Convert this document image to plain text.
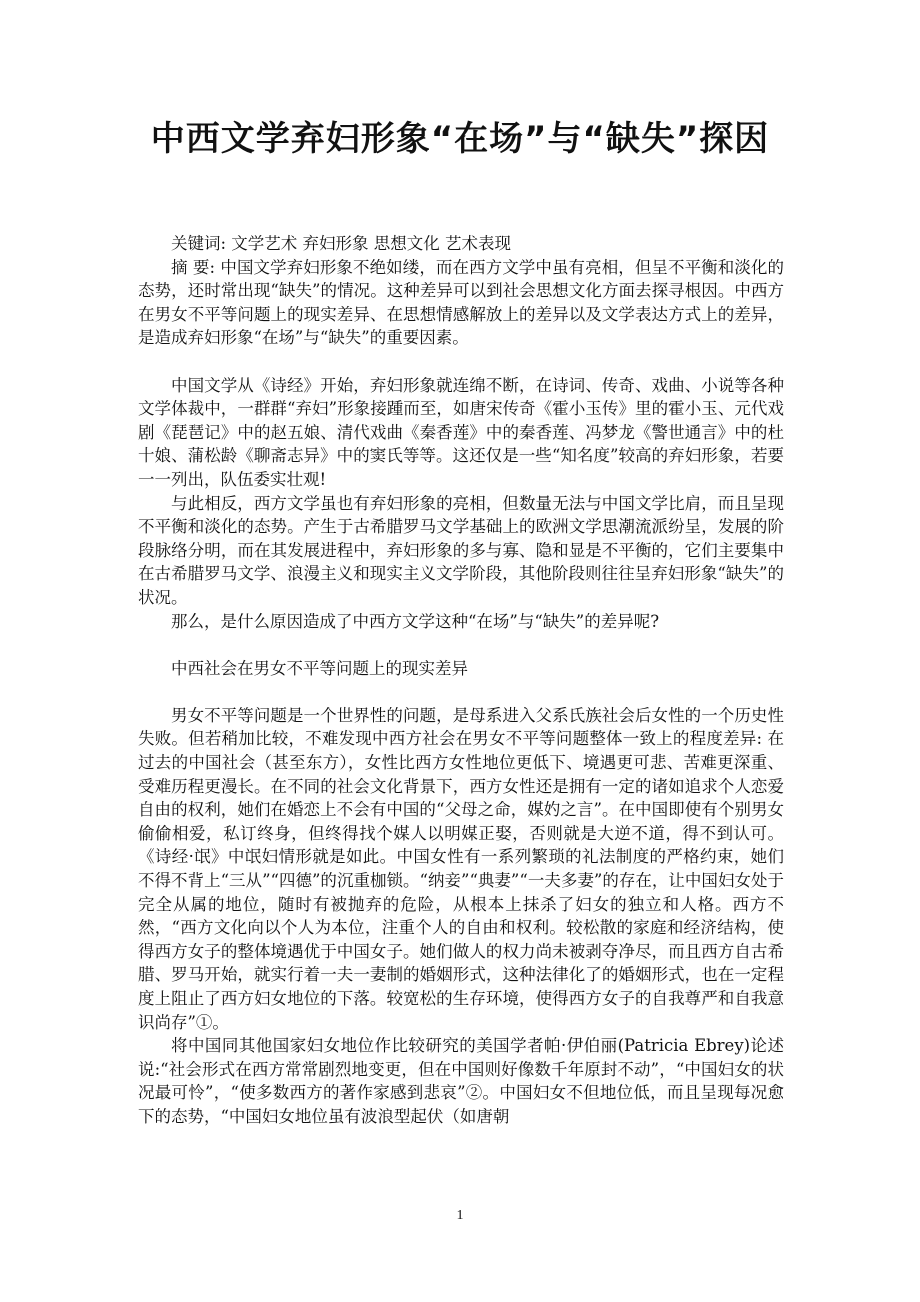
中西文学弃妇形象“在场”与“缺失”探因

关键词: 文学艺术 弃妇形象 思想文化 艺术表现

摘 要: 中国文学弃妇形象不绝如缕，而在西方文学中虽有亮相，但呈不平衡和淡化的态势，还时常出现“缺失”的情况。这种差异可以到社会思想文化方面去探寻根因。中西方在男女不平等问题上的现实差异、在思想情感解放上的差异以及文学表达方式上的差异，是造成弃妇形象“在场”与“缺失”的重要因素。

中国文学从《诗经》开始，弃妇形象就连绵不断，在诗词、传奇、戏曲、小说等各种文学体裁中，一群群“弃妇”形象接踵而至，如唐宋传奇《霍小玉传》里的霍小玉、元代戏剧《琵琶记》中的赵五娘、清代戏曲《秦香莲》中的秦香莲、冯梦龙《警世通言》中的杜十娘、蒲松龄《聊斋志异》中的窦氏等等。这还仅是一些“知名度”较高的弃妇形象，若要一一列出，队伍委实壮观!

与此相反，西方文学虽也有弃妇形象的亮相，但数量无法与中国文学比肩，而且呈现不平衡和淡化的态势。产生于古希腊罗马文学基础上的欧洲文学思潮流派纷呈，发展的阶段脉络分明，而在其发展进程中，弃妇形象的多与寡、隐和显是不平衡的，它们主要集中在古希腊罗马文学、浪漫主义和现实主义文学阶段，其他阶段则往往呈弃妇形象“缺失”的状况。

那么，是什么原因造成了中西方文学这种“在场”与“缺失”的差异呢?

中西社会在男女不平等问题上的现实差异

男女不平等问题是一个世界性的问题，是母系进入父系氏族社会后女性的一个历史性失败。但若稍加比较，不难发现中西方社会在男女不平等问题整体一致上的程度差异: 在过去的中国社会（甚至东方），女性比西方女性地位更低下、境遇更可悲、苦难更深重、受难历程更漫长。在不同的社会文化背景下，西方女性还是拥有一定的诸如追求个人恋爱自由的权利，她们在婚恋上不会有中国的“父母之命，媒妁之言”。在中国即使有个别男女偷偷相爱，私订终身，但终得找个媒人以明媒正娶，否则就是大逆不道，得不到认可。《诗经·氓》中氓妇情形就是如此。中国女性有一系列繁琐的礼法制度的严格约束，她们不得不背上“三从”“四德”的沉重枷锁。“纳妾”“典妻”“一夫多妻”的存在，让中国妇女处于完全从属的地位，随时有被抛弃的危险，从根本上抹杀了妇女的独立和人格。西方不然，“西方文化向以个人为本位，注重个人的自由和权利。较松散的家庭和经济结构，使得西方女子的整体境遇优于中国女子。她们做人的权力尚未被剥夺净尽，而且西方自古希腊、罗马开始，就实行着一夫一妻制的婚姻形式，这种法律化了的婚姻形式，也在一定程度上阻止了西方妇女地位的下落。较宽松的生存环境，使得西方女子的自我尊严和自我意识尚存”①。

将中国同其他国家妇女地位作比较研究的美国学者帕·伊伯丽(Patricia Ebrey)论述说:“社会形式在西方常常剧烈地变更，但在中国则好像数千年原封不动”，“中国妇女的状况最可怜”，“使多数西方的著作家感到悲哀”②。中国妇女不但地位低，而且呈现每况愈下的态势，“中国妇女地位虽有波浪型起伏（如唐朝

1
